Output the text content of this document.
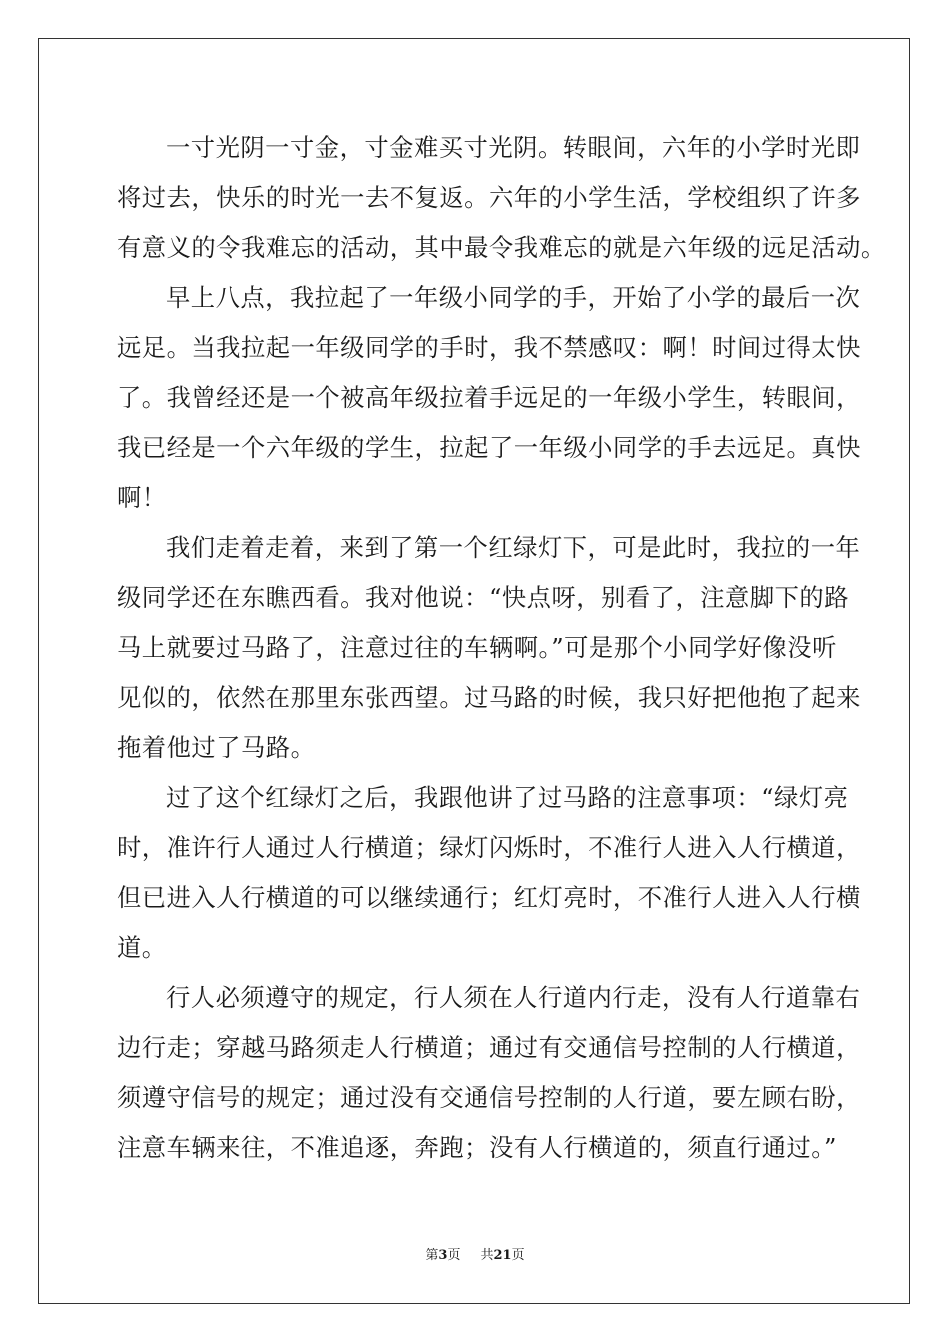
一寸光阴一寸金，寸金难买寸光阴。转眼间，六年的小学时光即
将过去，快乐的时光一去不复返。六年的小学生活，学校组织了许多
有意义的令我难忘的活动，其中最令我难忘的就是六年级的远足活动。
早上八点，我拉起了一年级小同学的手，开始了小学的最后一次
远足。当我拉起一年级同学的手时，我不禁感叹：啊！时间过得太快
了。我曾经还是一个被高年级拉着手远足的一年级小学生，转眼间，
我已经是一个六年级的学生，拉起了一年级小同学的手去远足。真快
啊！
我们走着走着，来到了第一个红绿灯下，可是此时，我拉的一年
级同学还在东瞧西看。我对他说：“快点呀，别看了，注意脚下的路
马上就要过马路了，注意过往的车辆啊。”可是那个小同学好像没听
见似的，依然在那里东张西望。过马路的时候，我只好把他抱了起来
拖着他过了马路。
过了这个红绿灯之后，我跟他讲了过马路的注意事项：“绿灯亮
时，准许行人通过人行横道；绿灯闪烁时，不准行人进入人行横道，
但已进入人行横道的可以继续通行；红灯亮时，不准行人进入人行横
道。
行人必须遵守的规定，行人须在人行道内行走，没有人行道靠右
边行走；穿越马路须走人行横道；通过有交通信号控制的人行横道，
须遵守信号的规定；通过没有交通信号控制的人行道，要左顾右盼，
注意车辆来往，不准追逐，奔跑；没有人行横道的，须直行通过。”
第3页 共21页
